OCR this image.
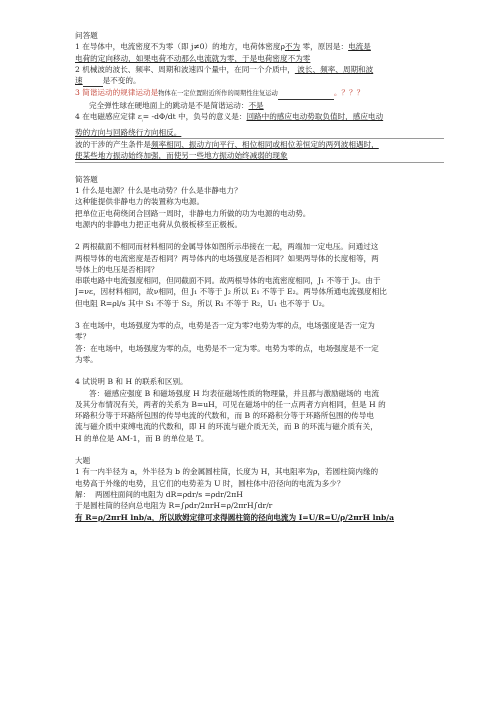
问答题
1 在导体中，电流密度不为零（即 j≠0）的地方，电荷体密度ρ不为 零，原因是：电流是
电荷的定向移动，如果电荷不动那么电流就为零，于是电荷密度不为零
2 机械波的波长、频率、周期和波速四个量中，在同一个介质中， 波长、频率、周期和波
速	是不变的。
3 简谐运动的规律运动是物体在一定位置附近所作的周期性往复运动	。？？？
完全弹性球在硬地面上的跳动是不是简谐运动：不是
4 在电磁感应定律 $\varepsilon_ᵢ= -d\Phi/dt$ 中，负号的意义是：回路中的感应电动势取负值时，感应电动
势的方向与回路绕行方向相反。
波的干涉的产生条件是频率相同、振动方向平行、相位相同或相位差恒定的两列波相遇时，
使某些地方振动始终加强，而使另一些地方振动始终减弱的现象
简答题
1 什么是电源？什么是电动势？什么是非静电力？
这种能提供非静电力的装置称为电源。
把单位正电荷绕闭合回路一周时，非静电力所做的功为电源的电动势。
电源内的非静电力把正电荷从负极板移至正极板。
2 两根截面不相同而材料相同的金属导体如图所示串接在一起，两端加一定电压。问通过这
两根导体的电流密度是否相同？两导体内的电场强度是否相同？如果两导体的长度相等，两
导体上的电压是否相同？
串联电路中电流强度相同，但同截面不同。故两根导体的电流密度相同，J₁ 不等于 J₂。由于
J=νε，因材料相同，故ν相同，但 J₁ 不等于 J₂ 所以 E₁ 不等于 E₂。两导体所通电流强度相比
但电阻 R=ρl/s 其中 S₁ 不等于 S₂，所以 R₁ 不等于 R₂，U₁ 也不等于 U₂。
3 在电场中，电场强度为零的点，电势是否一定为零?电势为零的点，电场强度是否一定为
零？
答：在电场中，电场强度为零的点，电势是不一定为零。电势为零的点，电场强度是不一定
为零。
4 试说明 B 和 H 的联系和区别。
答：磁感应强度 B 和磁场强度 H 均表征磁场性质的物理量，并且都与激励磁场的 电流
及其分布情况有关，两者的关系为 B=uH，可见在磁场中的任一点两者方向相同，但是 H 的
环路积分等于环路所包围的传导电流的代数和，而 B 的环路积分等于环路所包围的传导电
流与磁介质中束缚电流的代数和，即 H 的环流与磁介质无关，而 B 的环流与磁介质有关，
H 的单位是 AM-1，而 B 的单位是 T。
大题
1 有一内半径为 a，外半径为 b 的金属圆柱筒，长度为 H，其电阻率为ρ，若圆柱筒内缘的
电势高于外缘的电势，且它们的电势差为 U 时，圆柱体中沿径向的电流为多少？
解： 两圆柱面间的电阻为 dR=ρdr/s =ρdr/2πH
于是圆柱筒的径向总电阻为 R=∫ρdr/2πrH=ρ/2πrH∫dr/r
有 R=ρ/2πrH lnb/a，所以欧姆定律可求得圆柱筒的径向电流为 I=U/R=U/ρ/2πrH lnb/a
